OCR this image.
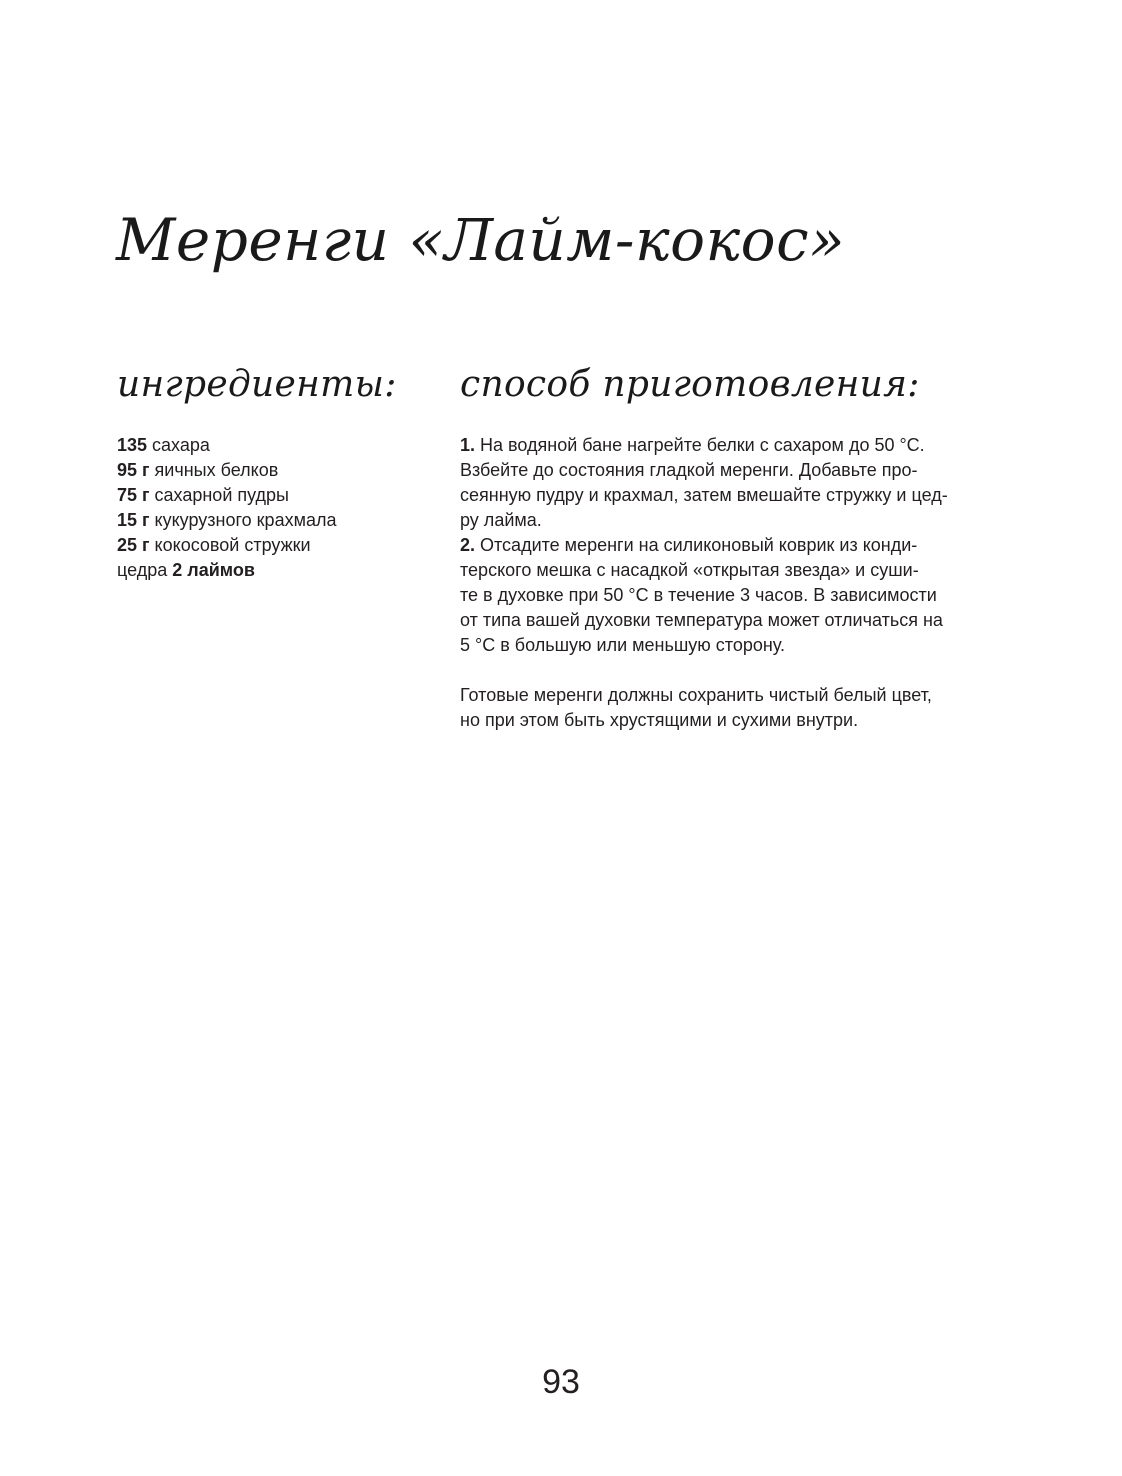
Меренги «Лайм-кокос»
ингредиенты:
135 сахара
95 г яичных белков
75 г сахарной пудры
15 г кукурузного крахмала
25 г кокосовой стружки
цедра 2 лаймов
способ приготовления:

1. На водяной бане нагрейте белки с сахаром до 50 °С.
Взбейте до состояния гладкой меренги. Добавьте про-
сеянную пудру и крахмал, затем вмешайте стружку и цед-
ру лайма.

2. Отсадите меренги на силиконовый коврик из конди-
терского мешка с насадкой «открытая звезда» и суши-
те в духовке при 50 °С в течение 3 часов. В зависимости
от типа вашей духовки температура может отличаться на
5 °С в большую или меньшую сторону.

Готовые меренги должны сохранить чистый белый цвет,
но при этом быть хрустящими и сухими внутри.

93
